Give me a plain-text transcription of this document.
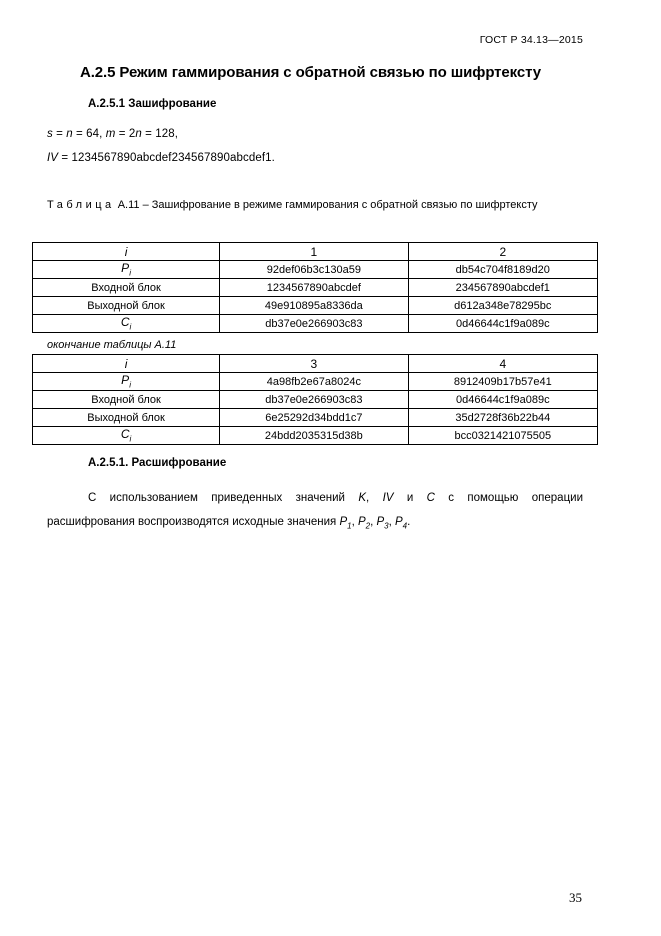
ГОСТ Р 34.13—2015
А.2.5 Режим гаммирования с обратной связью по шифртексту
А.2.5.1 Зашифрование
s = n = 64, m = 2n = 128,
IV = 1234567890abcdef234567890abcdef1.
Таблица А.11 – Зашифрование в режиме гаммирования с обратной связью по шифртексту
i	1	2
$P_i$	92def06b3c130a59	db54c704f8189d20
Входной блок	1234567890abcdef	234567890abcdef1
Выходной блок	49e910895a8336da	d612a348e78295bc
$C_i$	db37e0e266903c83	0d46644c1f9a089c
окончание таблицы А.11
i	3	4
$P_i$	4a98fb2e67a8024c	8912409b17b57e41
Входной блок	db37e0e266903c83	0d46644c1f9a089c
Выходной блок	6e25292d34bdd1c7	35d2728f36b22b44
$C_i$	24bdd2035315d38b	bcc0321421075505
А.2.5.1. Расшифрование
С использованием приведенных значений K, IV и C с помощью операции
расшифрования воспроизводятся исходные значения $P_1$, $P_2$, $P_3$, $P_4$.
35
